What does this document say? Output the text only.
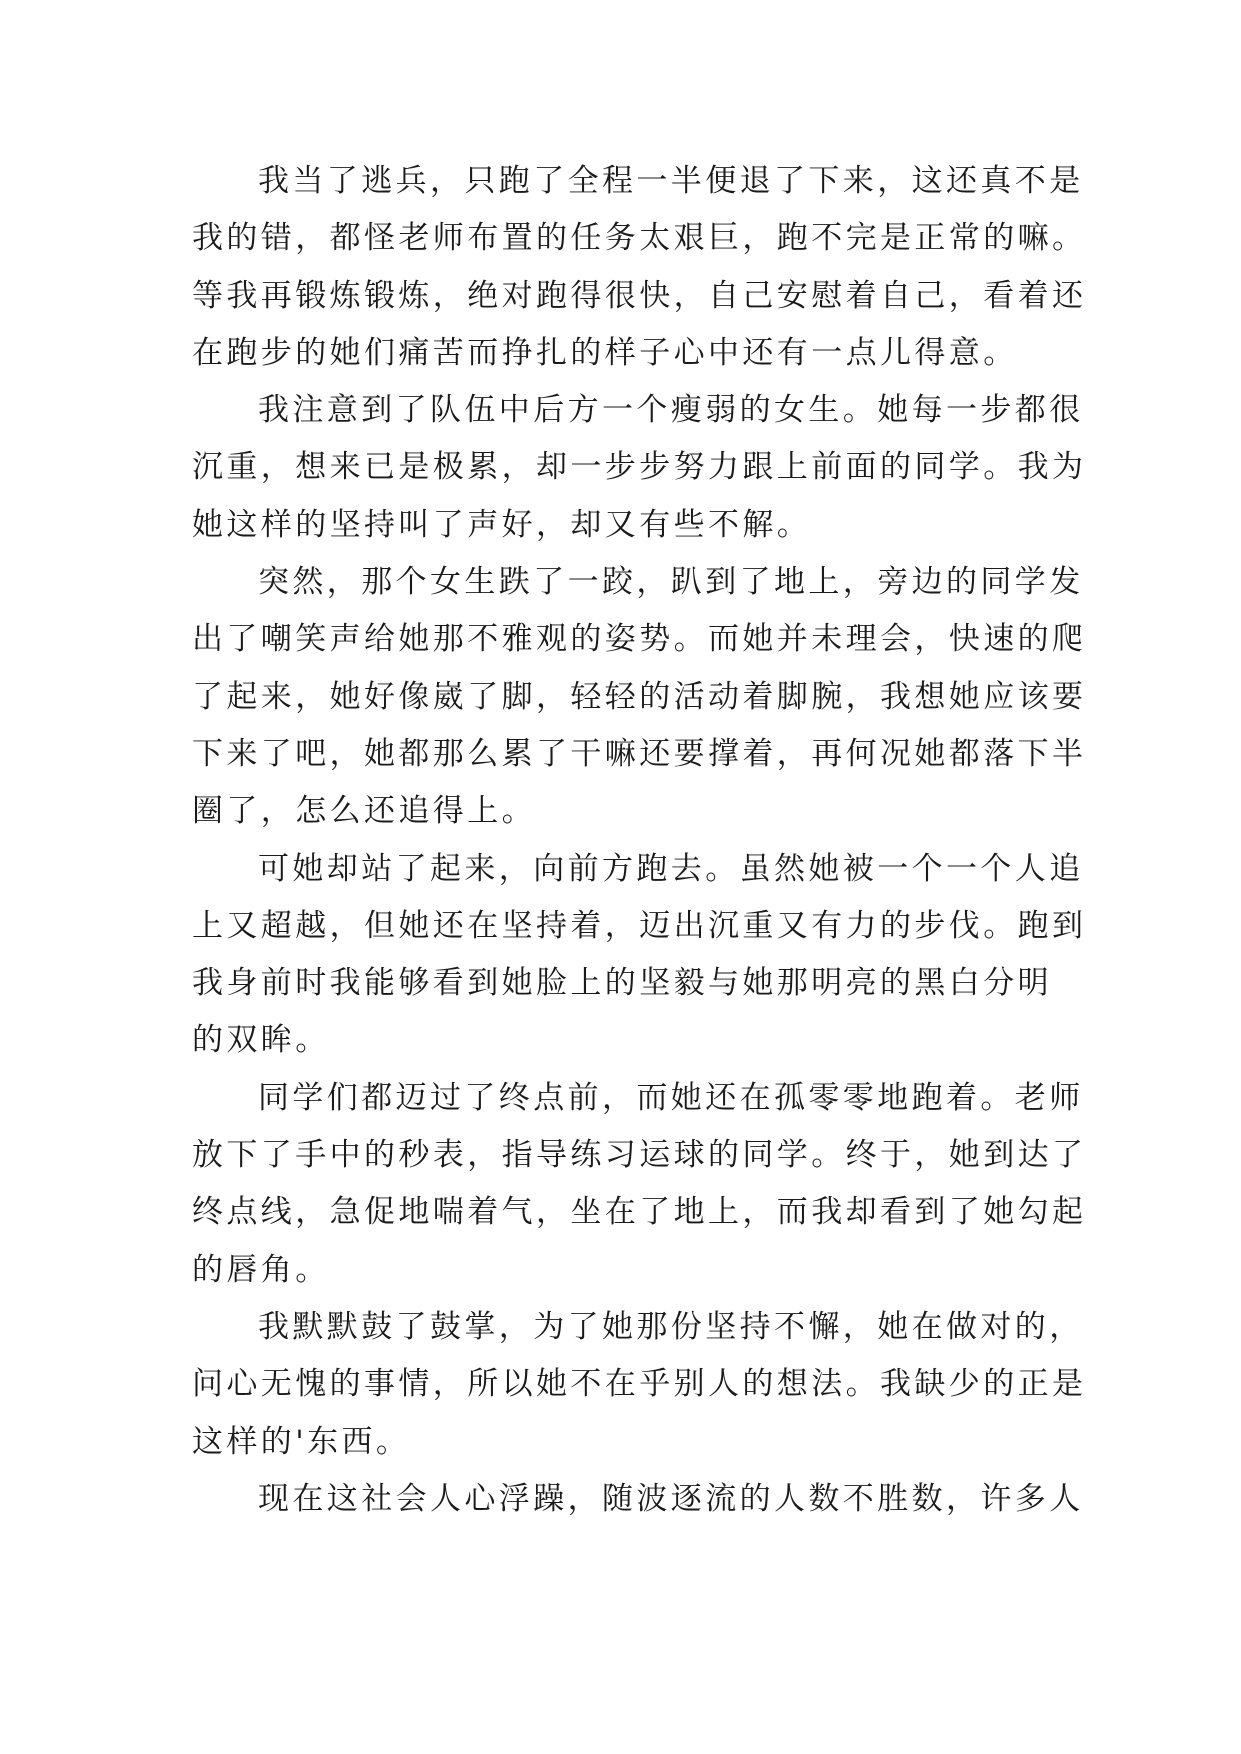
我当了逃兵，只跑了全程一半便退了下来，这还真不是
我的错，都怪老师布置的任务太艰巨，跑不完是正常的嘛。
等我再锻炼锻炼，绝对跑得很快，自己安慰着自己，看着还
在跑步的她们痛苦而挣扎的样子心中还有一点儿得意。
我注意到了队伍中后方一个瘦弱的女生。她每一步都很
沉重，想来已是极累，却一步步努力跟上前面的同学。我为
她这样的坚持叫了声好，却又有些不解。
突然，那个女生跌了一跤，趴到了地上，旁边的同学发
出了嘲笑声给她那不雅观的姿势。而她并未理会，快速的爬
了起来，她好像崴了脚，轻轻的活动着脚腕，我想她应该要
下来了吧，她都那么累了干嘛还要撑着，再何况她都落下半
圈了，怎么还追得上。
可她却站了起来，向前方跑去。虽然她被一个一个人追
上又超越，但她还在坚持着，迈出沉重又有力的步伐。跑到
我身前时我能够看到她脸上的坚毅与她那明亮的黑白分明
的双眸。
同学们都迈过了终点前，而她还在孤零零地跑着。老师
放下了手中的秒表，指导练习运球的同学。终于，她到达了
终点线，急促地喘着气，坐在了地上，而我却看到了她勾起
的唇角。
我默默鼓了鼓掌，为了她那份坚持不懈，她在做对的，
问心无愧的事情，所以她不在乎别人的想法。我缺少的正是
这样的'东西。
现在这社会人心浮躁，随波逐流的人数不胜数，许多人
